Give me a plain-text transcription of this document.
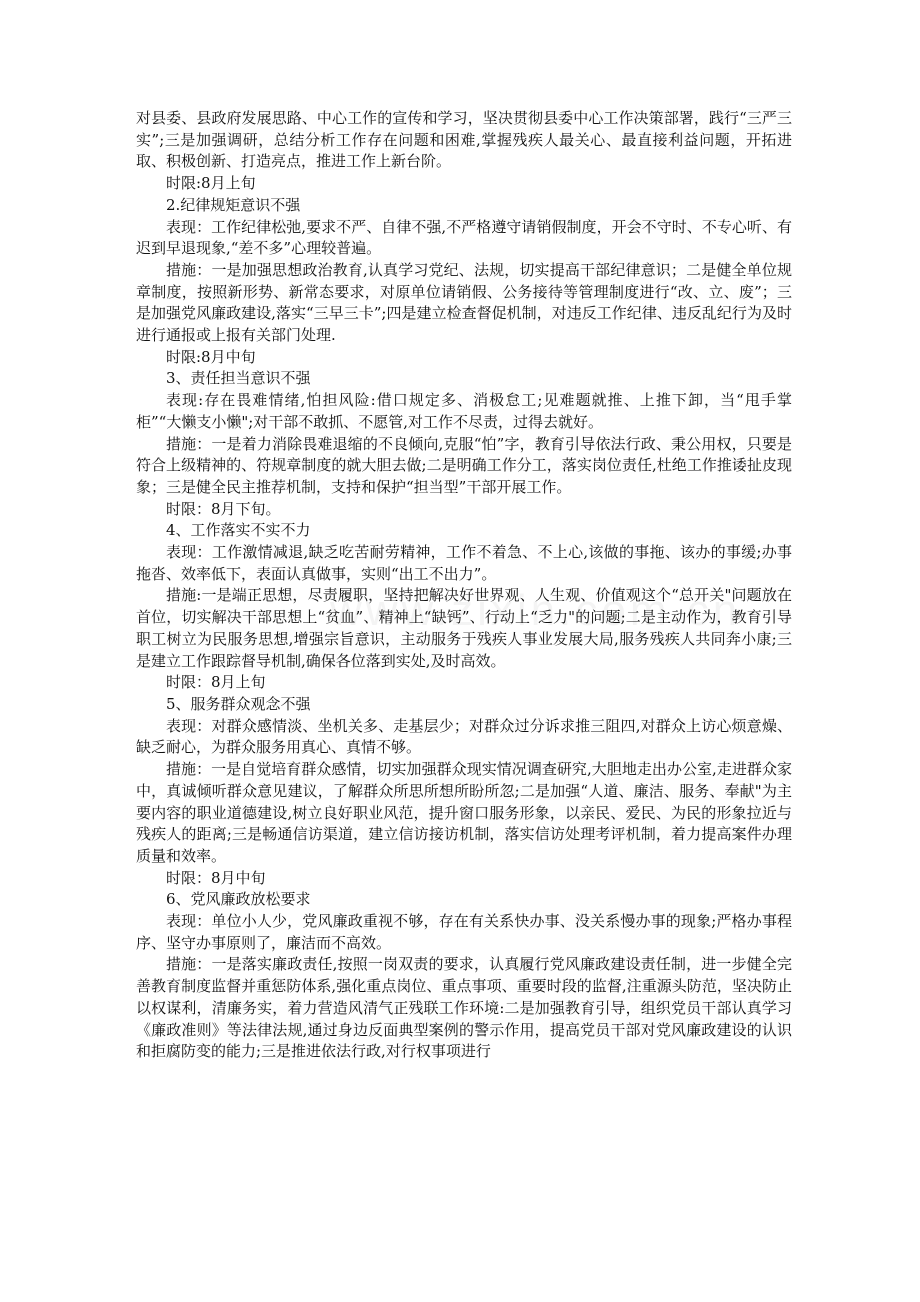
对县委、县政府发展思路、中心工作的宣传和学习，坚决贯彻县委中心工作决策部署，践行“三严三实”;三是加强调研，总结分析工作存在问题和困难,掌握残疾人最关心、最直接利益问题，开拓进取、积极创新、打造亮点，推进工作上新台阶。

时限:8月上旬

2.纪律规矩意识不强

表现：工作纪律松弛,要求不严、自律不强,不严格遵守请销假制度，开会不守时、不专心听、有迟到早退现象,“差不多”心理较普遍。

措施：一是加强思想政治教育,认真学习党纪、法规，切实提高干部纪律意识；二是健全单位规章制度，按照新形势、新常态要求，对原单位请销假、公务接待等管理制度进行“改、立、废”；三是加强党风廉政建设,落实“三早三卡”;四是建立检查督促机制，对违反工作纪律、违反乱纪行为及时进行通报或上报有关部门处理.

时限:8月中旬

3、责任担当意识不强

表现:存在畏难情绪,怕担风险:借口规定多、消极怠工;见难题就推、上推下卸，当“甩手掌柜”“大懒支小懒";对干部不敢抓、不愿管,对工作不尽责，过得去就好。

措施：一是着力消除畏难退缩的不良倾向,克服“怕”字，教育引导依法行政、秉公用权，只要是符合上级精神的、符规章制度的就大胆去做;二是明确工作分工，落实岗位责任,杜绝工作推诿扯皮现象；三是健全民主推荐机制，支持和保护“担当型”干部开展工作。

时限：8月下旬。

4、工作落实不实不力

表现：工作激情减退,缺乏吃苦耐劳精神，工作不着急、不上心,该做的事拖、该办的事缓;办事拖沓、效率低下，表面认真做事，实则“出工不出力”。

措施:一是端正思想，尽责履职，坚持把解决好世界观、人生观、价值观这个“总开关"问题放在首位，切实解决干部思想上“贫血”、精神上“缺钙”、行动上“乏力"的问题;二是主动作为，教育引导职工树立为民服务思想,增强宗旨意识，主动服务于残疾人事业发展大局,服务残疾人共同奔小康;三是建立工作跟踪督导机制,确保各位落到实处,及时高效。

时限：8月上旬

5、服务群众观念不强

表现：对群众感情淡、坐机关多、走基层少；对群众过分诉求推三阻四,对群众上访心烦意燥、缺乏耐心，为群众服务用真心、真情不够。

措施：一是自觉培育群众感情，切实加强群众现实情况调查研究,大胆地走出办公室,走进群众家中，真诚倾听群众意见建议，了解群众所思所想所盼所忽;二是加强“人道、廉洁、服务、奉献"为主要内容的职业道德建设,树立良好职业风范，提升窗口服务形象，以亲民、爱民、为民的形象拉近与残疾人的距离;三是畅通信访渠道，建立信访接访机制，落实信访处理考评机制，着力提高案件办理质量和效率。

时限：8月中旬

6、党风廉政放松要求

表现：单位小人少，党风廉政重视不够，存在有关系快办事、没关系慢办事的现象;严格办事程序、坚守办事原则了，廉洁而不高效。

措施：一是落实廉政责任,按照一岗双责的要求，认真履行党风廉政建设责任制，进一步健全完善教育制度监督并重惩防体系,强化重点岗位、重点事项、重要时段的监督,注重源头防范，坚决防止以权谋利，清廉务实，着力营造风清气正残联工作环境:二是加强教育引导，组织党员干部认真学习《廉政准则》等法律法规,通过身边反面典型案例的警示作用，提高党员干部对党风廉政建设的认识和拒腐防变的能力;三是推进依法行政,对行权事项进行
